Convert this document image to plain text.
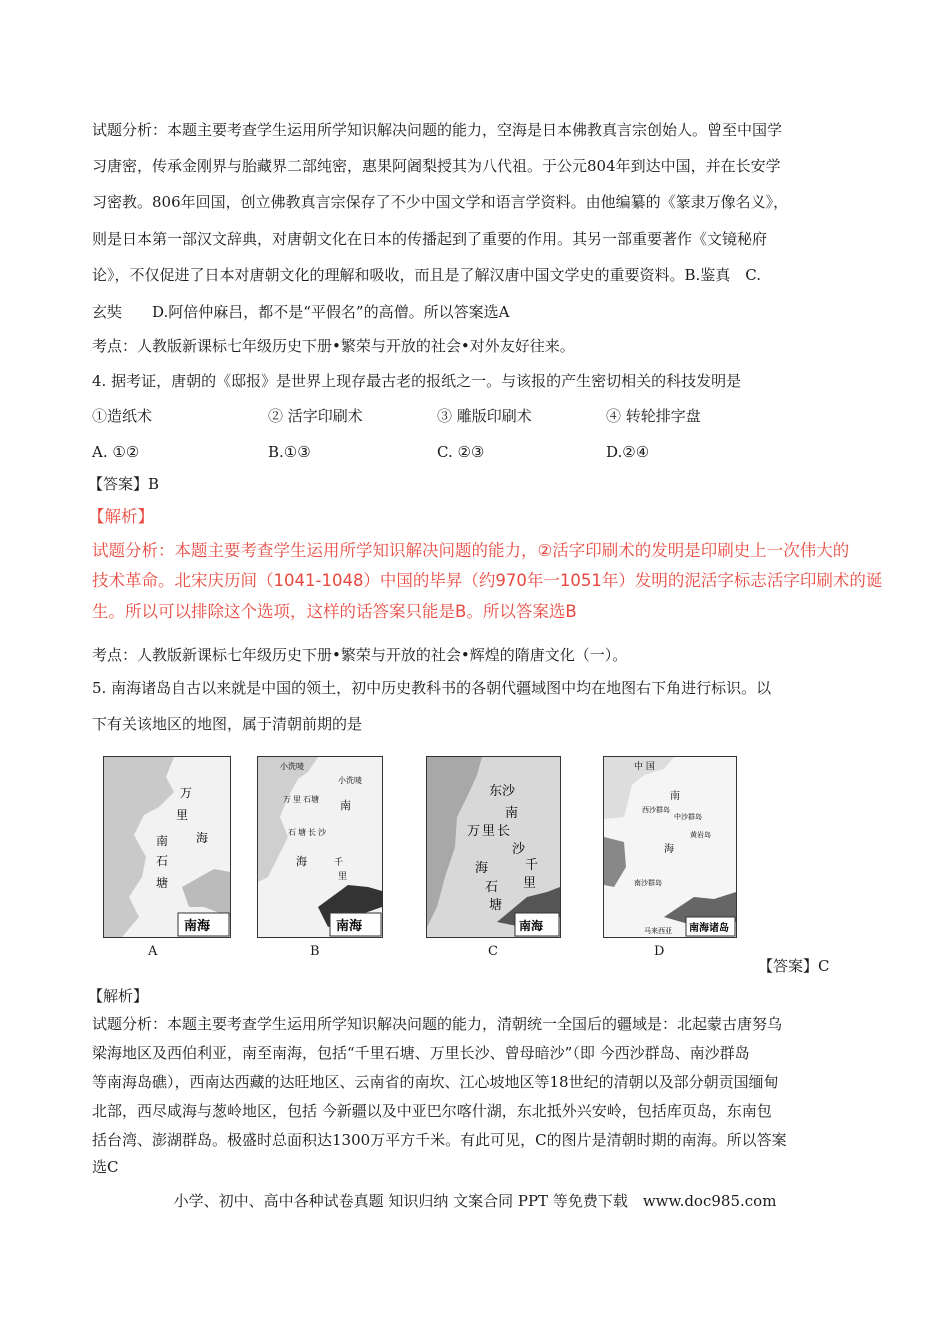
试题分析：本题主要考查学生运用所学知识解决问题的能力，空海是日本佛教真言宗创始人。曾至中国学
习唐密，传承金刚界与胎藏界二部纯密，惠果阿阇梨授其为八代祖。于公元804年到达中国，并在长安学
习密教。806年回国，创立佛教真言宗保存了不少中国文学和语言学资料。由他编纂的《篆隶万像名义》，
则是日本第一部汉文辞典，对唐朝文化在日本的传播起到了重要的作用。其另一部重要著作《文镜秘府
论》，不仅促进了日本对唐朝文化的理解和吸收，而且是了解汉唐中国文学史的重要资料。B.鉴真　C.
玄奘　　D.阿倍仲麻吕，都不是“平假名”的高僧。所以答案选A
考点：人教版新课标七年级历史下册•繁荣与开放的社会•对外友好往来。
4. 据考证，唐朝的《邸报》是世界上现存最古老的报纸之一。与该报的产生密切相关的科技发明是
①造纸术	② 活字印刷术	③ 雕版印刷术	④ 转轮排字盘
A. ①②	B.①③	C. ②③	D.②④
【答案】B
【解析】
试题分析：本题主要考查学生运用所学知识解决问题的能力，②活字印刷术的发明是印刷史上一次伟大的
技术革命。北宋庆历间（1041-1048）中国的毕昇（约970年一1051年）发明的泥活字标志活字印刷术的诞
生。所以可以排除这个选项，这样的话答案只能是B。所以答案选B
考点：人教版新课标七年级历史下册•繁荣与开放的社会•辉煌的隋唐文化（一）。
5. 南海诸岛自古以来就是中国的领土，初中历史教科书的各朝代疆域图中均在地图右下角进行标识。以
下有关该地区的地图，属于清朝前期的是
万
里
海
南
石
塘
南海
A
小洗唛
小洗唛
南
万 里 石塘
石 塘 长 沙
海	千
里
南海
B
东沙
南
万 里 长
沙
千
里
海
石
塘
南海
C
中 国
南
西沙群岛
中沙群岛
海
南沙群岛
黄岩岛
马来西亚 南海诸岛
D
【答案】C
【解析】
试题分析：本题主要考查学生运用所学知识解决问题的能力，清朝统一全国后的疆域是：北起蒙古唐努乌
梁海地区及西伯利亚，南至南海，包括“千里石塘、万里长沙、曾母暗沙”（即 今西沙群岛、南沙群岛
等南海岛礁），西南达西藏的达旺地区、云南省的南坎、江心坡地区等18世纪的清朝以及部分朝贡国缅甸
北部，西尽咸海与葱岭地区，包括 今新疆以及中亚巴尔喀什湖，东北抵外兴安岭，包括库页岛，东南包
括台湾、澎湖群岛。极盛时总面积达1300万平方千米。有此可见，C的图片是清朝时期的南海。所以答案
选C
小学、初中、高中各种试卷真题 知识归纳 文案合同 PPT 等免费下载　www.doc985.com
